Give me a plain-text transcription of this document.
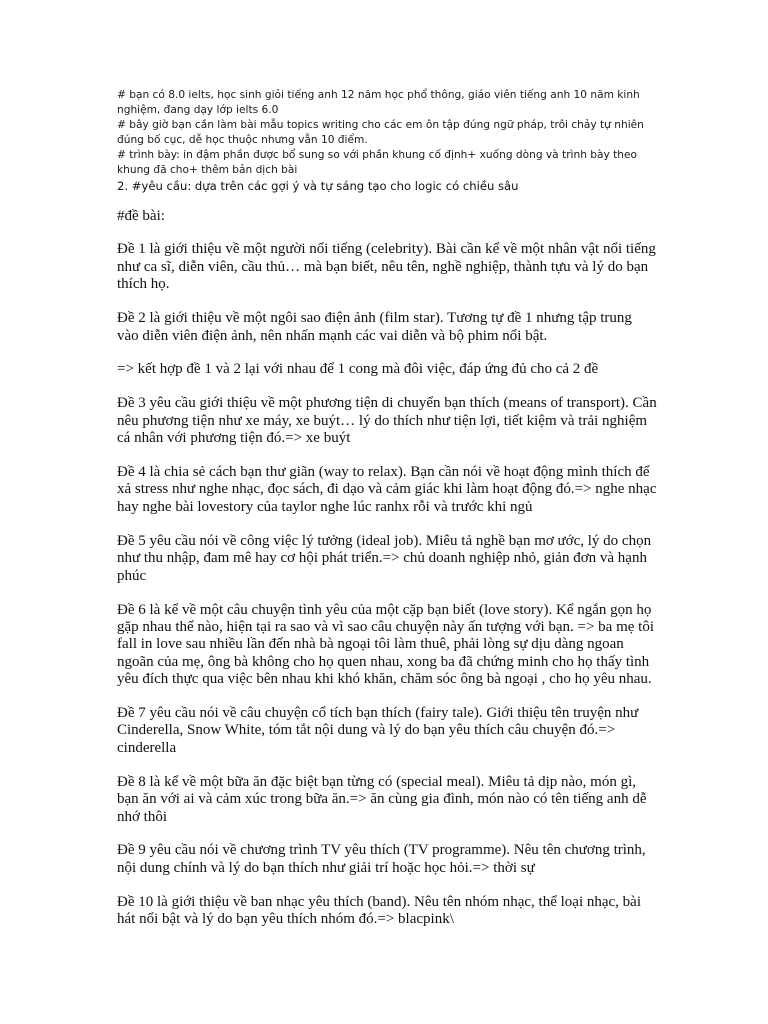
# bạn có 8.0 ielts, học sinh giỏi tiếng anh 12 năm học phổ thông, giáo viên tiếng anh 10 năm kinh nghiệm, đang dạy lớp ielts 6.0

# bây giờ bạn cần làm bài mẫu topics writing cho các em ôn tập đúng ngữ pháp, trôi chảy tự nhiên đúng bố cục, dễ học thuộc nhưng vẫn 10 điểm.

# trình bày: in đậm phần được bổ sung so với phần khung cố định+ xuống dòng và trình bày theo khung đã cho+ thêm bản dịch bài

2. #yêu cầu: dựa trên các gợi ý và tự sáng tạo cho logic có chiều sâu

#đề bài:

Đề 1 là giới thiệu về một người nổi tiếng (celebrity). Bài cần kể về một nhân vật nổi tiếng như ca sĩ, diễn viên, cầu thủ… mà bạn biết, nêu tên, nghề nghiệp, thành tựu và lý do bạn thích họ.

Đề 2 là giới thiệu về một ngôi sao điện ảnh (film star). Tương tự đề 1 nhưng tập trung vào diễn viên điện ảnh, nên nhấn mạnh các vai diễn và bộ phim nổi bật.

=> kết hợp đề 1 và 2 lại với nhau để 1 cong mà đôi việc, đáp ứng đủ cho cả 2 đề

Đề 3 yêu cầu giới thiệu về một phương tiện di chuyển bạn thích (means of transport). Cần nêu phương tiện như xe máy, xe buýt… lý do thích như tiện lợi, tiết kiệm và trải nghiệm cá nhân với phương tiện đó.=> xe buýt

Đề 4 là chia sẻ cách bạn thư giãn (way to relax). Bạn cần nói về hoạt động mình thích để xả stress như nghe nhạc, đọc sách, đi dạo và cảm giác khi làm hoạt động đó.=> nghe nhạc hay nghe bài lovestory của taylor nghe lúc ranhx rỗi và trước khi ngủ

Đề 5 yêu cầu nói về công việc lý tưởng (ideal job). Miêu tả nghề bạn mơ ước, lý do chọn như thu nhập, đam mê hay cơ hội phát triển.=> chủ doanh nghiệp nhỏ, giản đơn và hạnh phúc

Đề 6 là kể về một câu chuyện tình yêu của một cặp bạn biết (love story). Kể ngắn gọn họ gặp nhau thế nào, hiện tại ra sao và vì sao câu chuyện này ấn tượng với bạn. => ba mẹ tôi fall in love sau nhiều lần đến nhà bà ngoại tôi làm thuê, phải lòng sự dịu dàng ngoan ngoãn của mẹ, ông bà không cho họ quen nhau, xong ba đã chứng minh cho họ thấy tình yêu đích thực qua việc bên nhau khi khó khăn, chăm sóc ông bà ngoại , cho họ yêu nhau.

Đề 7 yêu cầu nói về câu chuyện cổ tích bạn thích (fairy tale). Giới thiệu tên truyện như Cinderella, Snow White, tóm tắt nội dung và lý do bạn yêu thích câu chuyện đó.=> cinderella

Đề 8 là kể về một bữa ăn đặc biệt bạn từng có (special meal). Miêu tả dịp nào, món gì, bạn ăn với ai và cảm xúc trong bữa ăn.=> ăn cùng gia đình, món nào có tên tiếng anh dễ nhớ thôi

Đề 9 yêu cầu nói về chương trình TV yêu thích (TV programme). Nêu tên chương trình, nội dung chính và lý do bạn thích như giải trí hoặc học hỏi.=> thời sự

Đề 10 là giới thiệu về ban nhạc yêu thích (band). Nêu tên nhóm nhạc, thể loại nhạc, bài hát nổi bật và lý do bạn yêu thích nhóm đó.=> blacpink\
